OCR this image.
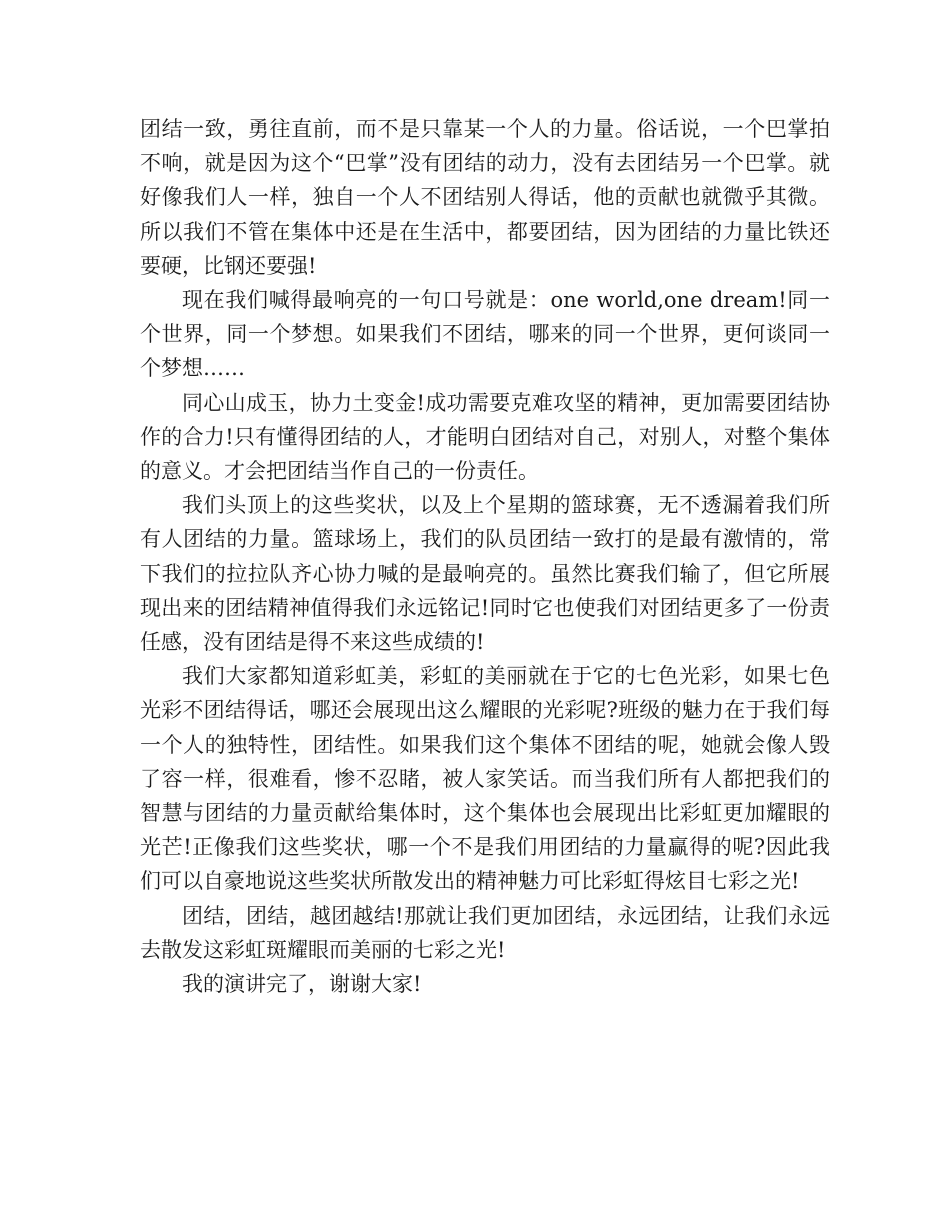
团结一致，勇往直前，而不是只靠某一个人的力量。俗话说，一个巴掌拍不响，就是因为这个“巴掌”没有团结的动力，没有去团结另一个巴掌。就好像我们人一样，独自一个人不团结别人得话，他的贡献也就微乎其微。所以我们不管在集体中还是在生活中，都要团结，因为团结的力量比铁还要硬，比钢还要强!

现在我们喊得最响亮的一句口号就是：one world,one dream!同一个世界，同一个梦想。如果我们不团结，哪来的同一个世界，更何谈同一个梦想……

同心山成玉，协力土变金!成功需要克难攻坚的精神，更加需要团结协作的合力!只有懂得团结的人，才能明白团结对自己，对别人，对整个集体的意义。才会把团结当作自己的一份责任。

我们头顶上的这些奖状，以及上个星期的篮球赛，无不透漏着我们所有人团结的力量。篮球场上，我们的队员团结一致打的是最有激情的，常下我们的拉拉队齐心协力喊的是最响亮的。虽然比赛我们输了，但它所展现出来的团结精神值得我们永远铭记!同时它也使我们对团结更多了一份责任感，没有团结是得不来这些成绩的!

我们大家都知道彩虹美，彩虹的美丽就在于它的七色光彩，如果七色光彩不团结得话，哪还会展现出这么耀眼的光彩呢?班级的魅力在于我们每一个人的独特性，团结性。如果我们这个集体不团结的呢，她就会像人毁了容一样，很难看，惨不忍睹，被人家笑话。而当我们所有人都把我们的智慧与团结的力量贡献给集体时，这个集体也会展现出比彩虹更加耀眼的光芒!正像我们这些奖状，哪一个不是我们用团结的力量赢得的呢?因此我们可以自豪地说这些奖状所散发出的精神魅力可比彩虹得炫目七彩之光!

团结，团结，越团越结!那就让我们更加团结，永远团结，让我们永远去散发这彩虹斑耀眼而美丽的七彩之光!

我的演讲完了，谢谢大家!
